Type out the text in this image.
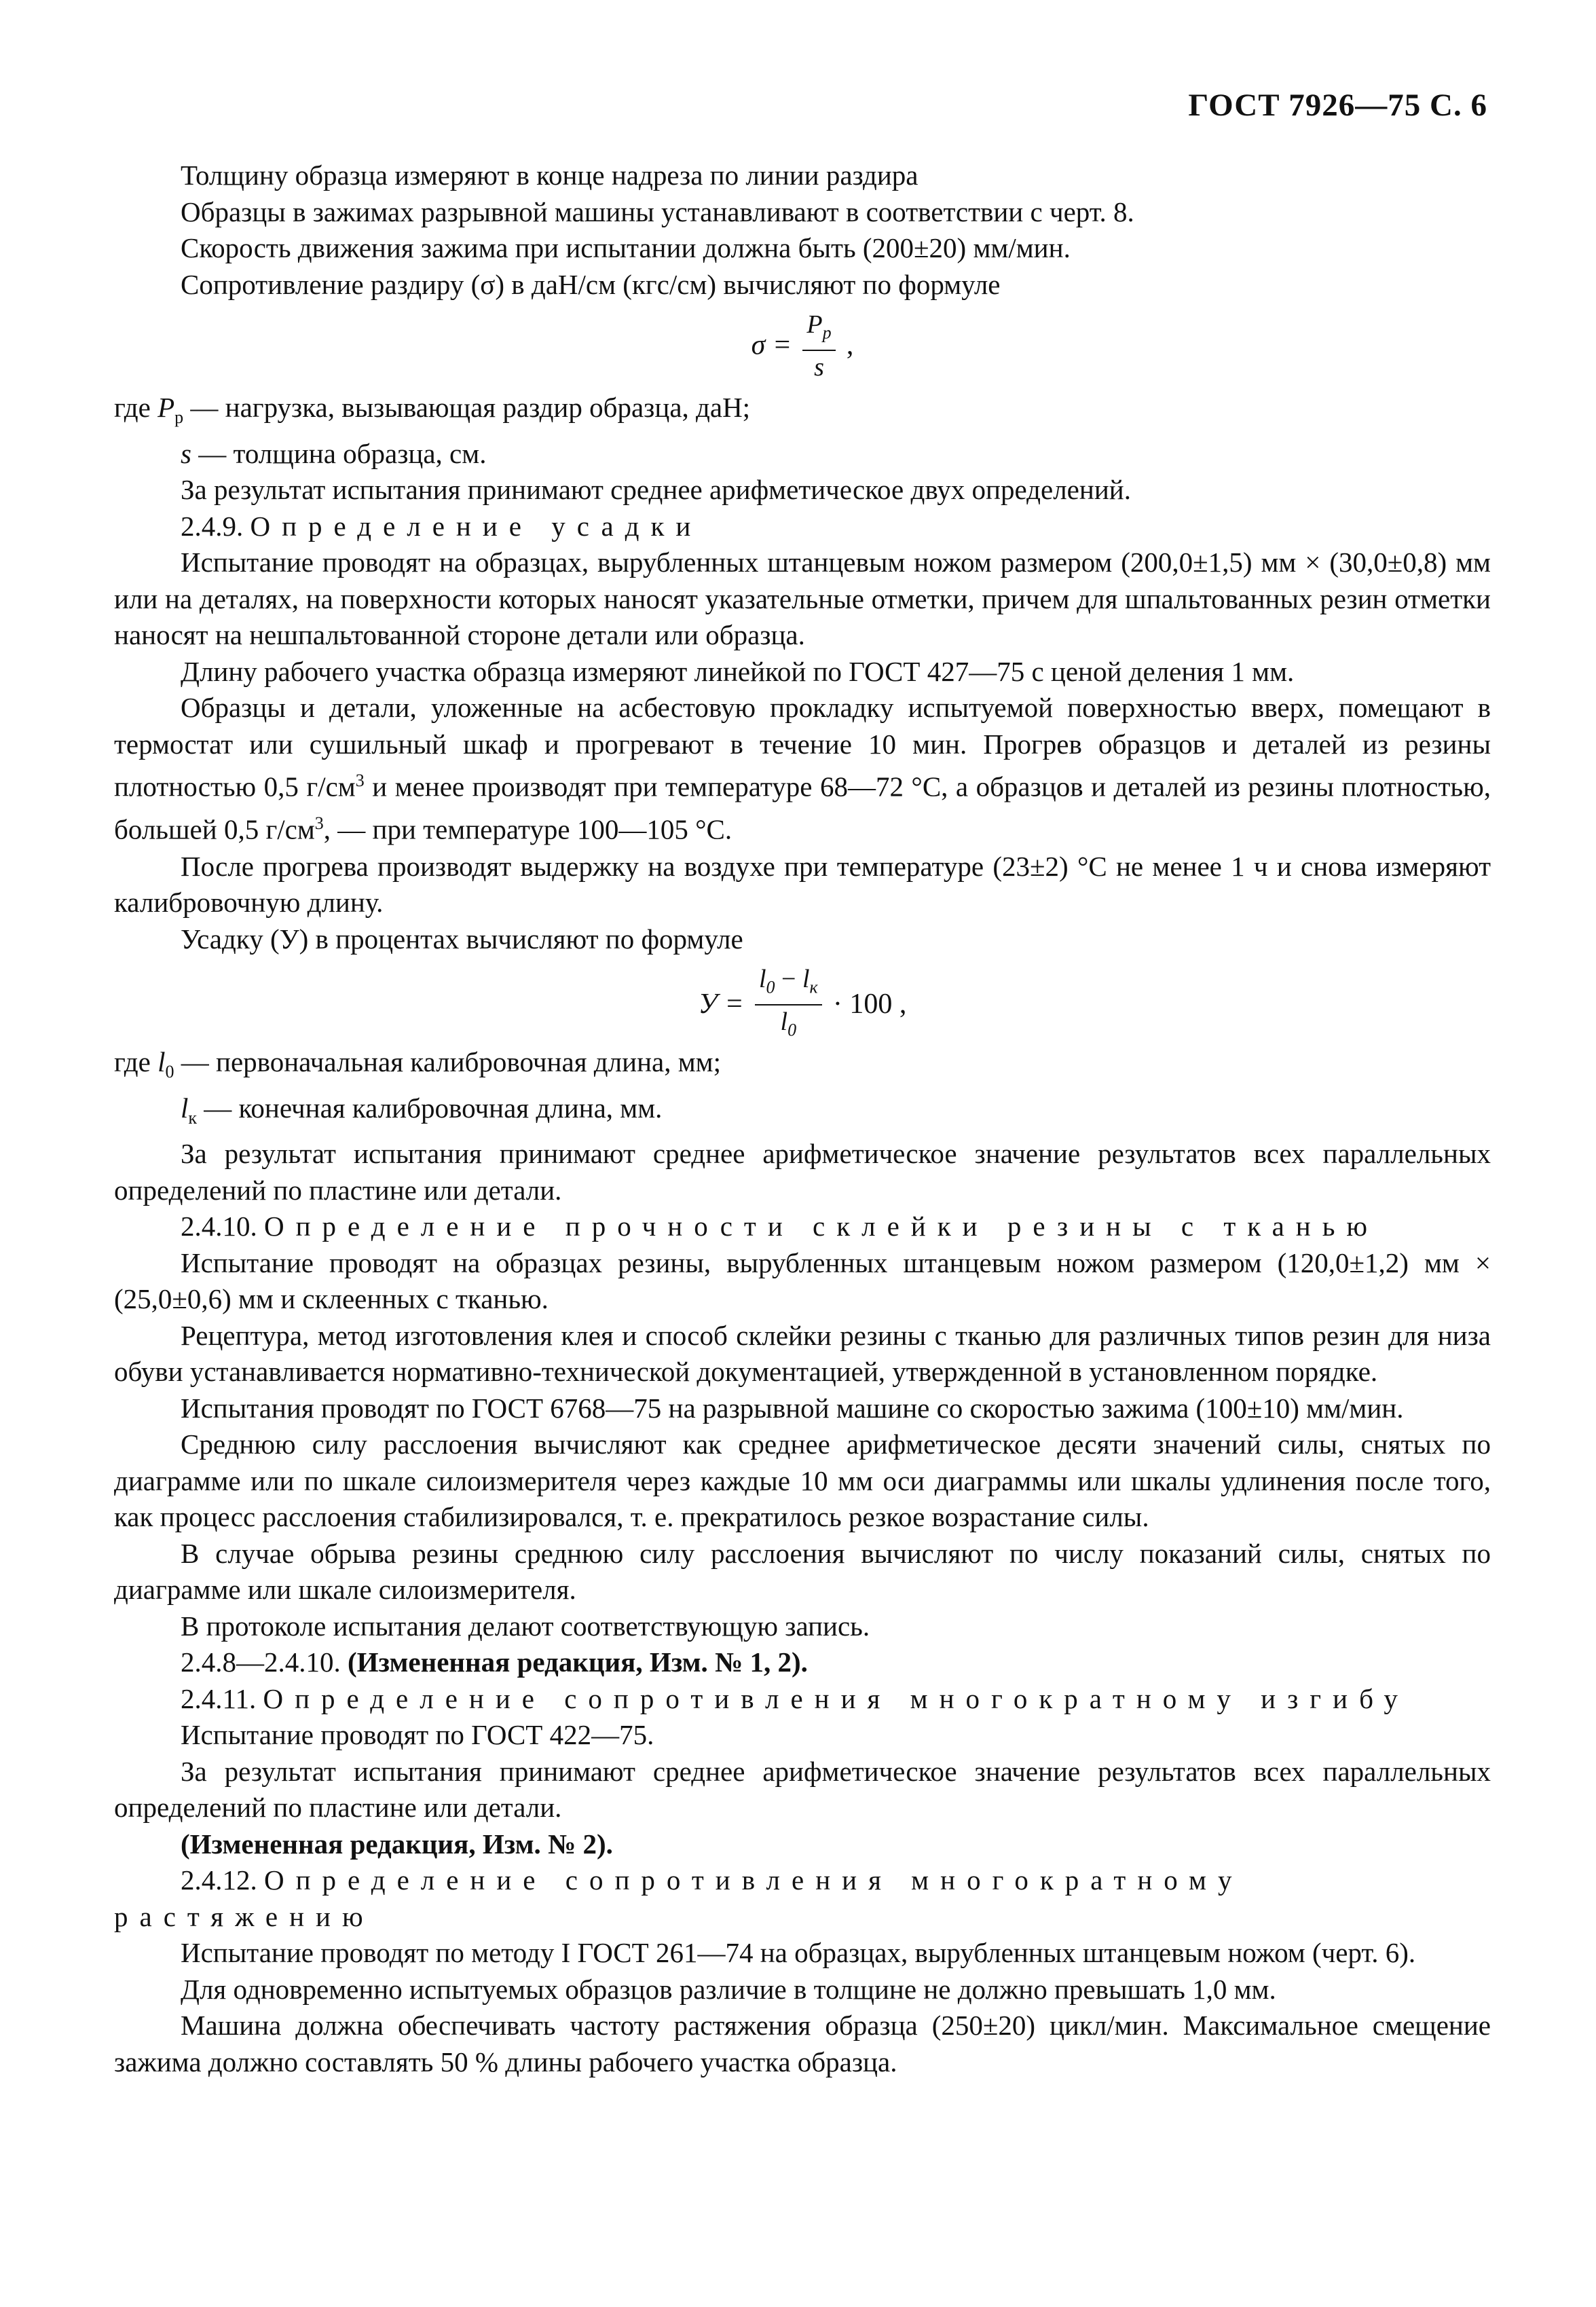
ГОСТ 7926—75 С. 6

Толщину образца измеряют в конце надреза по линии раздира

Образцы в зажимах разрывной машины устанавливают в соответствии с черт. 8.

Скорость движения зажима при испытании должна быть (200±20) мм/мин.

Сопротивление раздиру (σ) в даН/см (кгс/см) вычисляют по формуле

$\sigma = \frac{P_р}{s}$ ,

где $P_р$ — нагрузка, вызывающая раздир образца, даН;

s — толщина образца, см.

За результат испытания принимают среднее арифметическое двух определений.

2.4.9. Определение усадки

Испытание проводят на образцах, вырубленных штанцевым ножом размером (200,0±1,5) мм × (30,0±0,8) мм или на деталях, на поверхности которых наносят указательные отметки, причем для шпальтованных резин отметки наносят на нешпальтованной стороне детали или образца.

Длину рабочего участка образца измеряют линейкой по ГОСТ 427—75 с ценой деления 1 мм.

Образцы и детали, уложенные на асбестовую прокладку испытуемой поверхностью вверх, помещают в термостат или сушильный шкаф и прогревают в течение 10 мин. Прогрев образцов и деталей из резины плотностью 0,5 $г/см^3$ и менее производят при температуре 68—72 °С, а образцов и деталей из резины плотностью, большей 0,5 $г/см^3$, — при температуре 100—105 °С.

После прогрева производят выдержку на воздухе при температуре (23±2) °С не менее 1 ч и снова измеряют калибровочную длину.

Усадку (У) в процентах вычисляют по формуле

$У = \frac{l_0 - l_к}{l_0} \cdot 100$ ,

где $l_0$ — первоначальная калибровочная длина, мм;

$l_к$ — конечная калибровочная длина, мм.

За результат испытания принимают среднее арифметическое значение результатов всех параллельных определений по пластине или детали.

2.4.10. Определение прочности склейки резины с тканью

Испытание проводят на образцах резины, вырубленных штанцевым ножом размером (120,0±1,2) мм × (25,0±0,6) мм и склеенных с тканью.

Рецептура, метод изготовления клея и способ склейки резины с тканью для различных типов резин для низа обуви устанавливается нормативно-технической документацией, утвержденной в установленном порядке.

Испытания проводят по ГОСТ 6768—75 на разрывной машине со скоростью зажима (100±10) мм/мин.

Среднюю силу расслоения вычисляют как среднее арифметическое десяти значений силы, снятых по диаграмме или по шкале силоизмерителя через каждые 10 мм оси диаграммы или шкалы удлинения после того, как процесс расслоения стабилизировался, т. е. прекратилось резкое возрастание силы.

В случае обрыва резины среднюю силу расслоения вычисляют по числу показаний силы, снятых по диаграмме или шкале силоизмерителя.

В протоколе испытания делают соответствующую запись.

2.4.8—2.4.10. (Измененная редакция, Изм. № 1, 2).

2.4.11. Определение сопротивления многократному изгибу

Испытание проводят по ГОСТ 422—75.

За результат испытания принимают среднее арифметическое значение результатов всех параллельных определений по пластине или детали.

(Измененная редакция, Изм. № 2).

2.4.12. Определение сопротивления многократному растяжению

Испытание проводят по методу I ГОСТ 261—74 на образцах, вырубленных штанцевым ножом (черт. 6).

Для одновременно испытуемых образцов различие в толщине не должно превышать 1,0 мм.

Машина должна обеспечивать частоту растяжения образца (250±20) цикл/мин. Максимальное смещение зажима должно составлять 50 % длины рабочего участка образца.
